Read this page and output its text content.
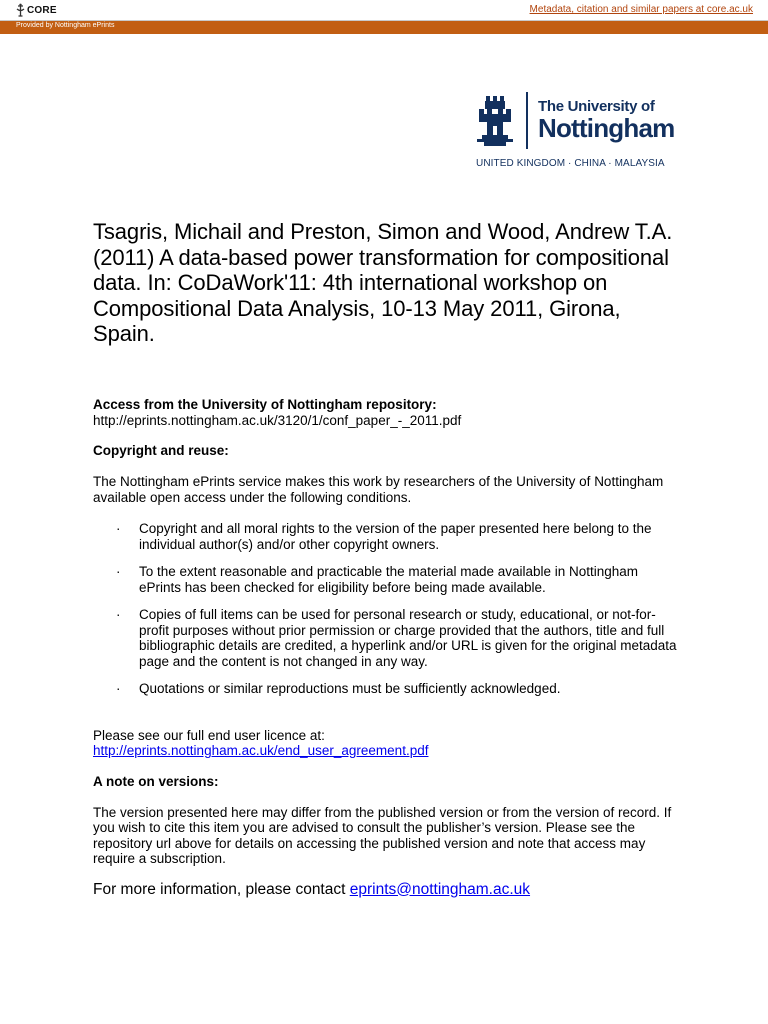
CORE	Metadata, citation and similar papers at core.ac.uk
Provided by Nottingham ePrints
The University of
Nottingham
UNITED KINGDOM · CHINA · MALAYSIA

Tsagris, Michail and Preston, Simon and Wood, Andrew T.A. (2011) A data-based power transformation for compositional data. In: CoDaWork'11: 4th international workshop on Compositional Data Analysis, 10-13 May 2011, Girona, Spain.

Access from the University of Nottingham repository:

http://eprints.nottingham.ac.uk/3120/1/conf_paper_-_2011.pdf

Copyright and reuse:

The Nottingham ePrints service makes this work by researchers of the University of Nottingham available open access under the following conditions.

· Copyright and all moral rights to the version of the paper presented here belong to the individual author(s) and/or other copyright owners.
· To the extent reasonable and practicable the material made available in Nottingham ePrints has been checked for eligibility before being made available.
· Copies of full items can be used for personal research or study, educational, or not-for-profit purposes without prior permission or charge provided that the authors, title and full bibliographic details are credited, a hyperlink and/or URL is given for the original metadata page and the content is not changed in any way.
· Quotations or similar reproductions must be sufficiently acknowledged.

Please see our full end user licence at:

http://eprints.nottingham.ac.uk/end_user_agreement.pdf

A note on versions:

The version presented here may differ from the published version or from the version of record. If you wish to cite this item you are advised to consult the publisher’s version. Please see the repository url above for details on accessing the published version and note that access may require a subscription.

For more information, please contact eprints@nottingham.ac.uk
